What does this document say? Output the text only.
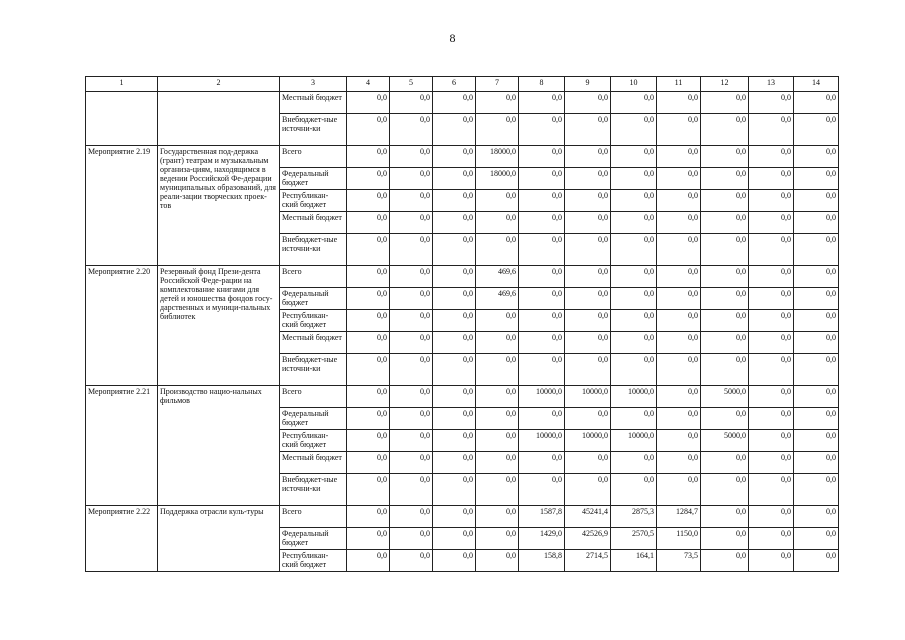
8
1	2	3	4	5	6	7	8	9	10	11	12	13	14
		Местный бюджет	0,0	0,0	0,0	0,0	0,0	0,0	0,0	0,0	0,0	0,0	0,0
		Внебюджет-ные источни-ки	0,0	0,0	0,0	0,0	0,0	0,0	0,0	0,0	0,0	0,0	0,0
Мероприятие 2.19	Государственная под-держка (грант) театрам и музыкальным организа-циям, находящимся в ведении Российской Фе-дерации муниципальных образований, для реали-зации творческих проек-тов	Всего	0,0	0,0	0,0	18000,0	0,0	0,0	0,0	0,0	0,0	0,0	0,0
		Федеральный бюджет	0,0	0,0	0,0	18000,0	0,0	0,0	0,0	0,0	0,0	0,0	0,0
		Республикан-ский бюджет	0,0	0,0	0,0	0,0	0,0	0,0	0,0	0,0	0,0	0,0	0,0
		Местный бюджет	0,0	0,0	0,0	0,0	0,0	0,0	0,0	0,0	0,0	0,0	0,0
		Внебюджет-ные источни-ки	0,0	0,0	0,0	0,0	0,0	0,0	0,0	0,0	0,0	0,0	0,0
Мероприятие 2.20	Резервный фонд Прези-дента Российской Феде-рации на комплектование книгами для детей и юношества фондов госу-дарственных и муници-пальных библиотек	Всего	0,0	0,0	0,0	469,6	0,0	0,0	0,0	0,0	0,0	0,0	0,0
		Федеральный бюджет	0,0	0,0	0,0	469,6	0,0	0,0	0,0	0,0	0,0	0,0	0,0
		Республикан-ский бюджет	0,0	0,0	0,0	0,0	0,0	0,0	0,0	0,0	0,0	0,0	0,0
		Местный бюджет	0,0	0,0	0,0	0,0	0,0	0,0	0,0	0,0	0,0	0,0	0,0
		Внебюджет-ные источни-ки	0,0	0,0	0,0	0,0	0,0	0,0	0,0	0,0	0,0	0,0	0,0
Мероприятие 2.21	Производство нацио-нальных фильмов	Всего	0,0	0,0	0,0	0,0	10000,0	10000,0	10000,0	0,0	5000,0	0,0	0,0
		Федеральный бюджет	0,0	0,0	0,0	0,0	0,0	0,0	0,0	0,0	0,0	0,0	0,0
		Республикан-ский бюджет	0,0	0,0	0,0	0,0	10000,0	10000,0	10000,0	0,0	5000,0	0,0	0,0
		Местный бюджет	0,0	0,0	0,0	0,0	0,0	0,0	0,0	0,0	0,0	0,0	0,0
		Внебюджет-ные источни-ки	0,0	0,0	0,0	0,0	0,0	0,0	0,0	0,0	0,0	0,0	0,0
Мероприятие 2.22	Поддержка отрасли куль-туры	Всего	0,0	0,0	0,0	0,0	1587,8	45241,4	2875,3	1284,7	0,0	0,0	0,0
		Федеральный бюджет	0,0	0,0	0,0	0,0	1429,0	42526,9	2570,5	1150,0	0,0	0,0	0,0
		Республикан-ский бюджет	0,0	0,0	0,0	0,0	158,8	2714,5	164,1	73,5	0,0	0,0	0,0
